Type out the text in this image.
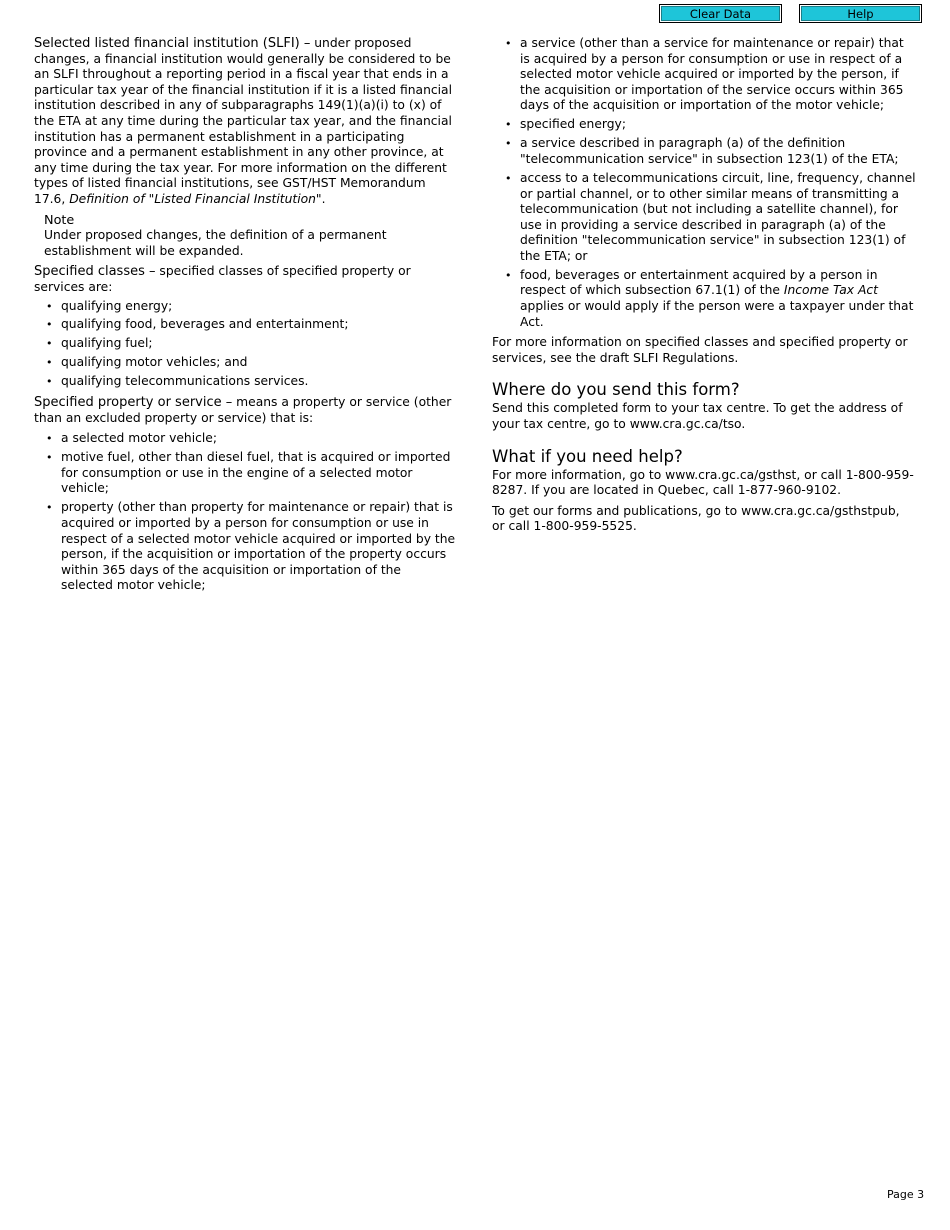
Clear Data	Help

Selected listed financial institution (SLFI) – under proposed changes, a financial institution would generally be considered to be an SLFI throughout a reporting period in a fiscal year that ends in a particular tax year of the financial institution if it is a listed financial institution described in any of subparagraphs 149(1)(a)(i) to (x) of the ETA at any time during the particular tax year, and the financial institution has a permanent establishment in a participating province and a permanent establishment in any other province, at any time during the tax year. For more information on the different types of listed financial institutions, see GST/HST Memorandum 17.6, Definition of "Listed Financial Institution".

Note
Under proposed changes, the definition of a permanent establishment will be expanded.

Specified classes – specified classes of specified property or services are:

• qualifying energy;
• qualifying food, beverages and entertainment;
• qualifying fuel;
• qualifying motor vehicles; and
• qualifying telecommunications services.

Specified property or service – means a property or service (other than an excluded property or service) that is:

• a selected motor vehicle;
• motive fuel, other than diesel fuel, that is acquired or imported for consumption or use in the engine of a selected motor vehicle;
• property (other than property for maintenance or repair) that is acquired or imported by a person for consumption or use in respect of a selected motor vehicle acquired or imported by the person, if the acquisition or importation of the property occurs within 365 days of the acquisition or importation of the selected motor vehicle;
• a service (other than a service for maintenance or repair) that is acquired by a person for consumption or use in respect of a selected motor vehicle acquired or imported by the person, if the acquisition or importation of the service occurs within 365 days of the acquisition or importation of the motor vehicle;
• specified energy;
• a service described in paragraph (a) of the definition "telecommunication service" in subsection 123(1) of the ETA;
• access to a telecommunications circuit, line, frequency, channel or partial channel, or to other similar means of transmitting a telecommunication (but not including a satellite channel), for use in providing a service described in paragraph (a) of the definition "telecommunication service" in subsection 123(1) of the ETA; or
• food, beverages or entertainment acquired by a person in respect of which subsection 67.1(1) of the Income Tax Act applies or would apply if the person were a taxpayer under that Act.

For more information on specified classes and specified property or services, see the draft SLFI Regulations.

Where do you send this form?

Send this completed form to your tax centre. To get the address of your tax centre, go to www.cra.gc.ca/tso.

What if you need help?

For more information, go to www.cra.gc.ca/gsthst, or call 1-800-959-8287. If you are located in Quebec, call 1-877-960-9102.

To get our forms and publications, go to www.cra.gc.ca/gsthstpub, or call 1-800-959-5525.

Page 3
